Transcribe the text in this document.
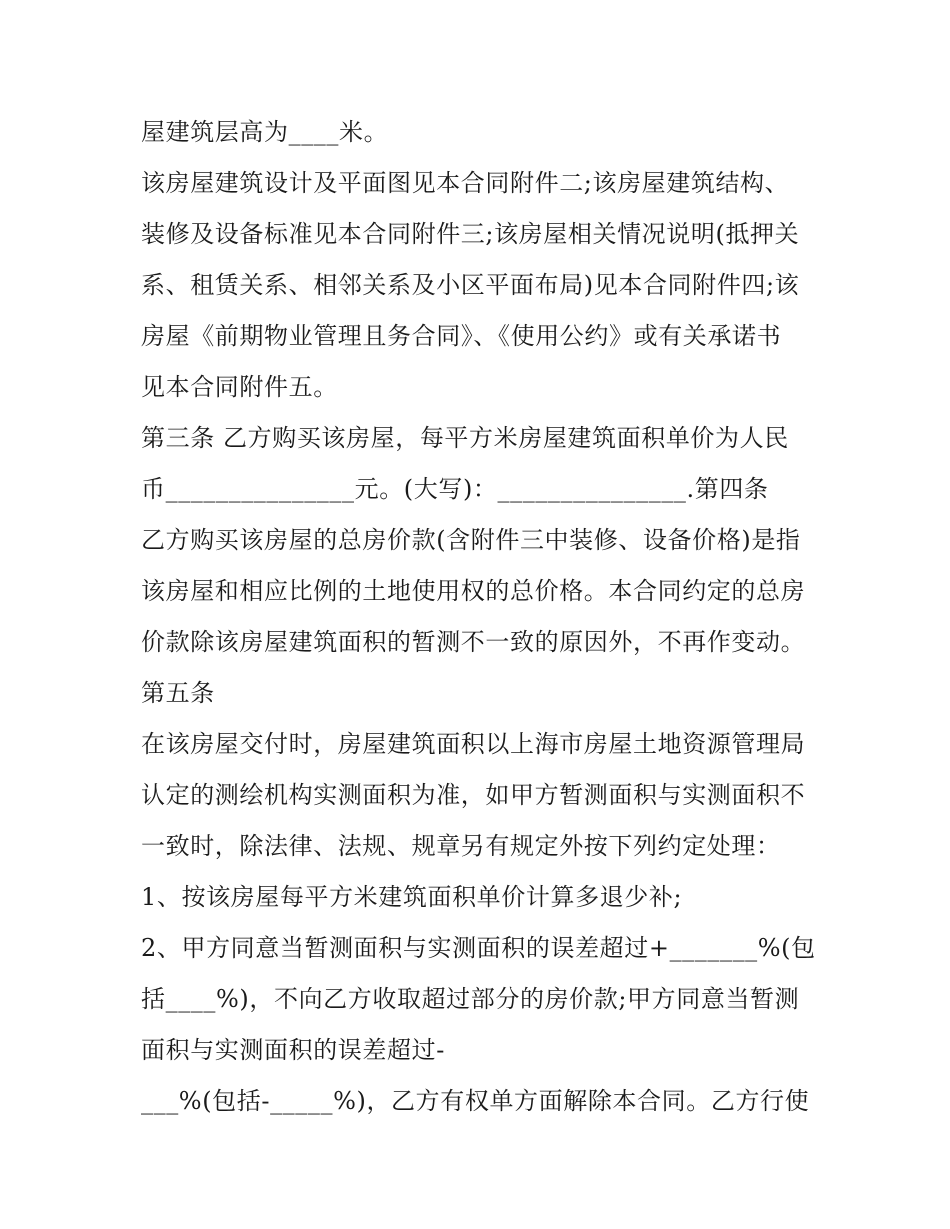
屋建筑层高为____米。

该房屋建筑设计及平面图见本合同附件二;该房屋建筑结构、

装修及设备标准见本合同附件三;该房屋相关情况说明(抵押关

系、租赁关系、相邻关系及小区平面布局)见本合同附件四;该

房屋《前期物业管理且务合同》、《使用公约》或有关承诺书

见本合同附件五。

第三条 乙方购买该房屋，每平方米房屋建筑面积单价为人民

币_______________元。(大写)：_______________.第四条

乙方购买该房屋的总房价款(含附件三中装修、设备价格)是指

该房屋和相应比例的土地使用权的总价格。本合同约定的总房

价款除该房屋建筑面积的暂测不一致的原因外，不再作变动。

第五条

在该房屋交付时，房屋建筑面积以上海市房屋土地资源管理局

认定的测绘机构实测面积为准，如甲方暂测面积与实测面积不

一致时，除法律、法规、规章另有规定外按下列约定处理：

1、按该房屋每平方米建筑面积单价计算多退少补;

2、甲方同意当暂测面积与实测面积的误差超过+_______%(包

括____%)，不向乙方收取超过部分的房价款;甲方同意当暂测

面积与实测面积的误差超过-

___%(包括-_____%)，乙方有权单方面解除本合同。乙方行使
